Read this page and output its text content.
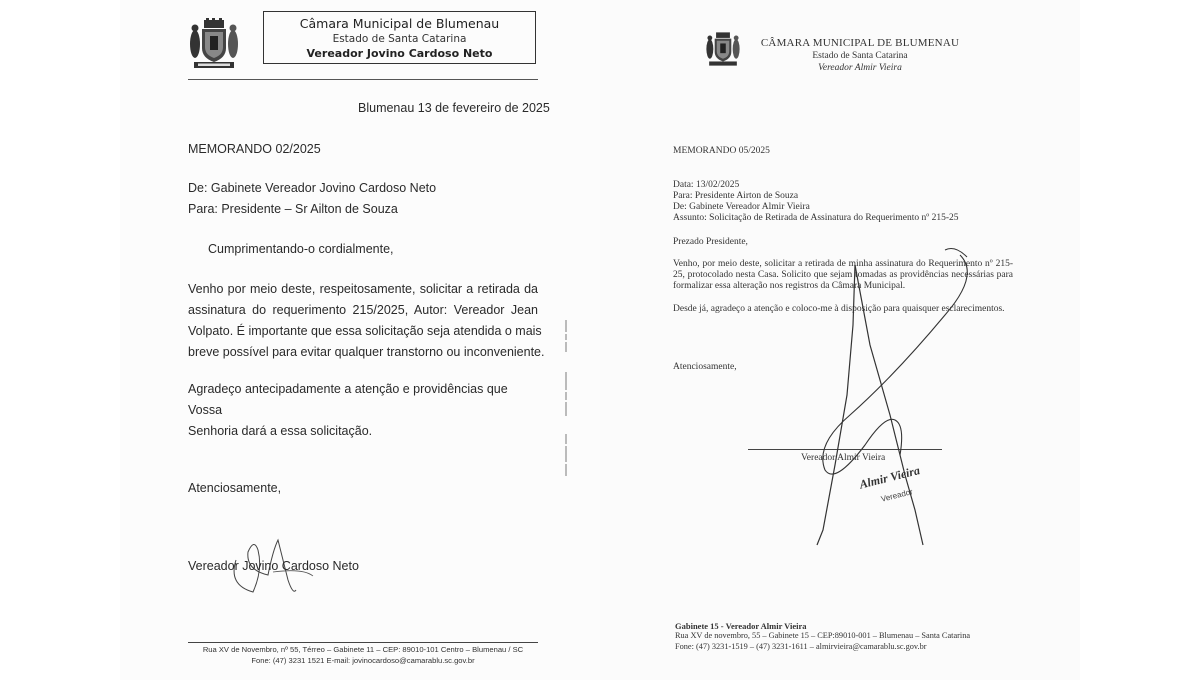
Câmara Municipal de Blumenau
Estado de Santa Catarina
Vereador Jovino Cardoso Neto
Blumenau 13 de fevereiro de 2025
MEMORANDO 02/2025
De: Gabinete Vereador Jovino Cardoso Neto
Para: Presidente – Sr Ailton de Souza
Cumprimentando-o cordialmente,
Venho por meio deste, respeitosamente, solicitar a retirada da
assinatura do requerimento 215/2025, Autor: Vereador Jean
Volpato. É importante que essa solicitação seja atendida o mais
breve possível para evitar qualquer transtorno ou inconveniente.
Agradeço antecipadamente a atenção e providências que Vossa
Senhoria dará a essa solicitação.
Atenciosamente,
Vereador Jovino Cardoso Neto
Rua XV de Novembro, nº 55, Térreo – Gabinete 11 – CEP: 89010-101 Centro – Blumenau / SC
Fone: (47) 3231 1521 E-mail: jovinocardoso@camarablu.sc.gov.br
CÂMARA MUNICIPAL DE BLUMENAU
Estado de Santa Catarina
Vereador Almir Vieira
MEMORANDO 05/2025
Data: 13/02/2025
Para: Presidente Airton de Souza
De: Gabinete Vereador Almir Vieira
Assunto: Solicitação de Retirada de Assinatura do Requerimento nº 215-25
Prezado Presidente,
Venho, por meio deste, solicitar a retirada de minha assinatura do Requerimento nº 215-
25, protocolado nesta Casa. Solicito que sejam tomadas as providências necessárias para
formalizar essa alteração nos registros da Câmara Municipal.
Desde já, agradeço a atenção e coloco-me à disposição para quaisquer esclarecimentos.
Atenciosamente,
Vereador Almir Vieira
Almir Vieira
Vereador
Gabinete 15 - Vereador Almir Vieira
Rua XV de novembro, 55 – Gabinete 15 – CEP:89010-001 – Blumenau – Santa Catarina
Fone: (47) 3231-1519 – (47) 3231-1611 – almirvieira@camarablu.sc.gov.br
